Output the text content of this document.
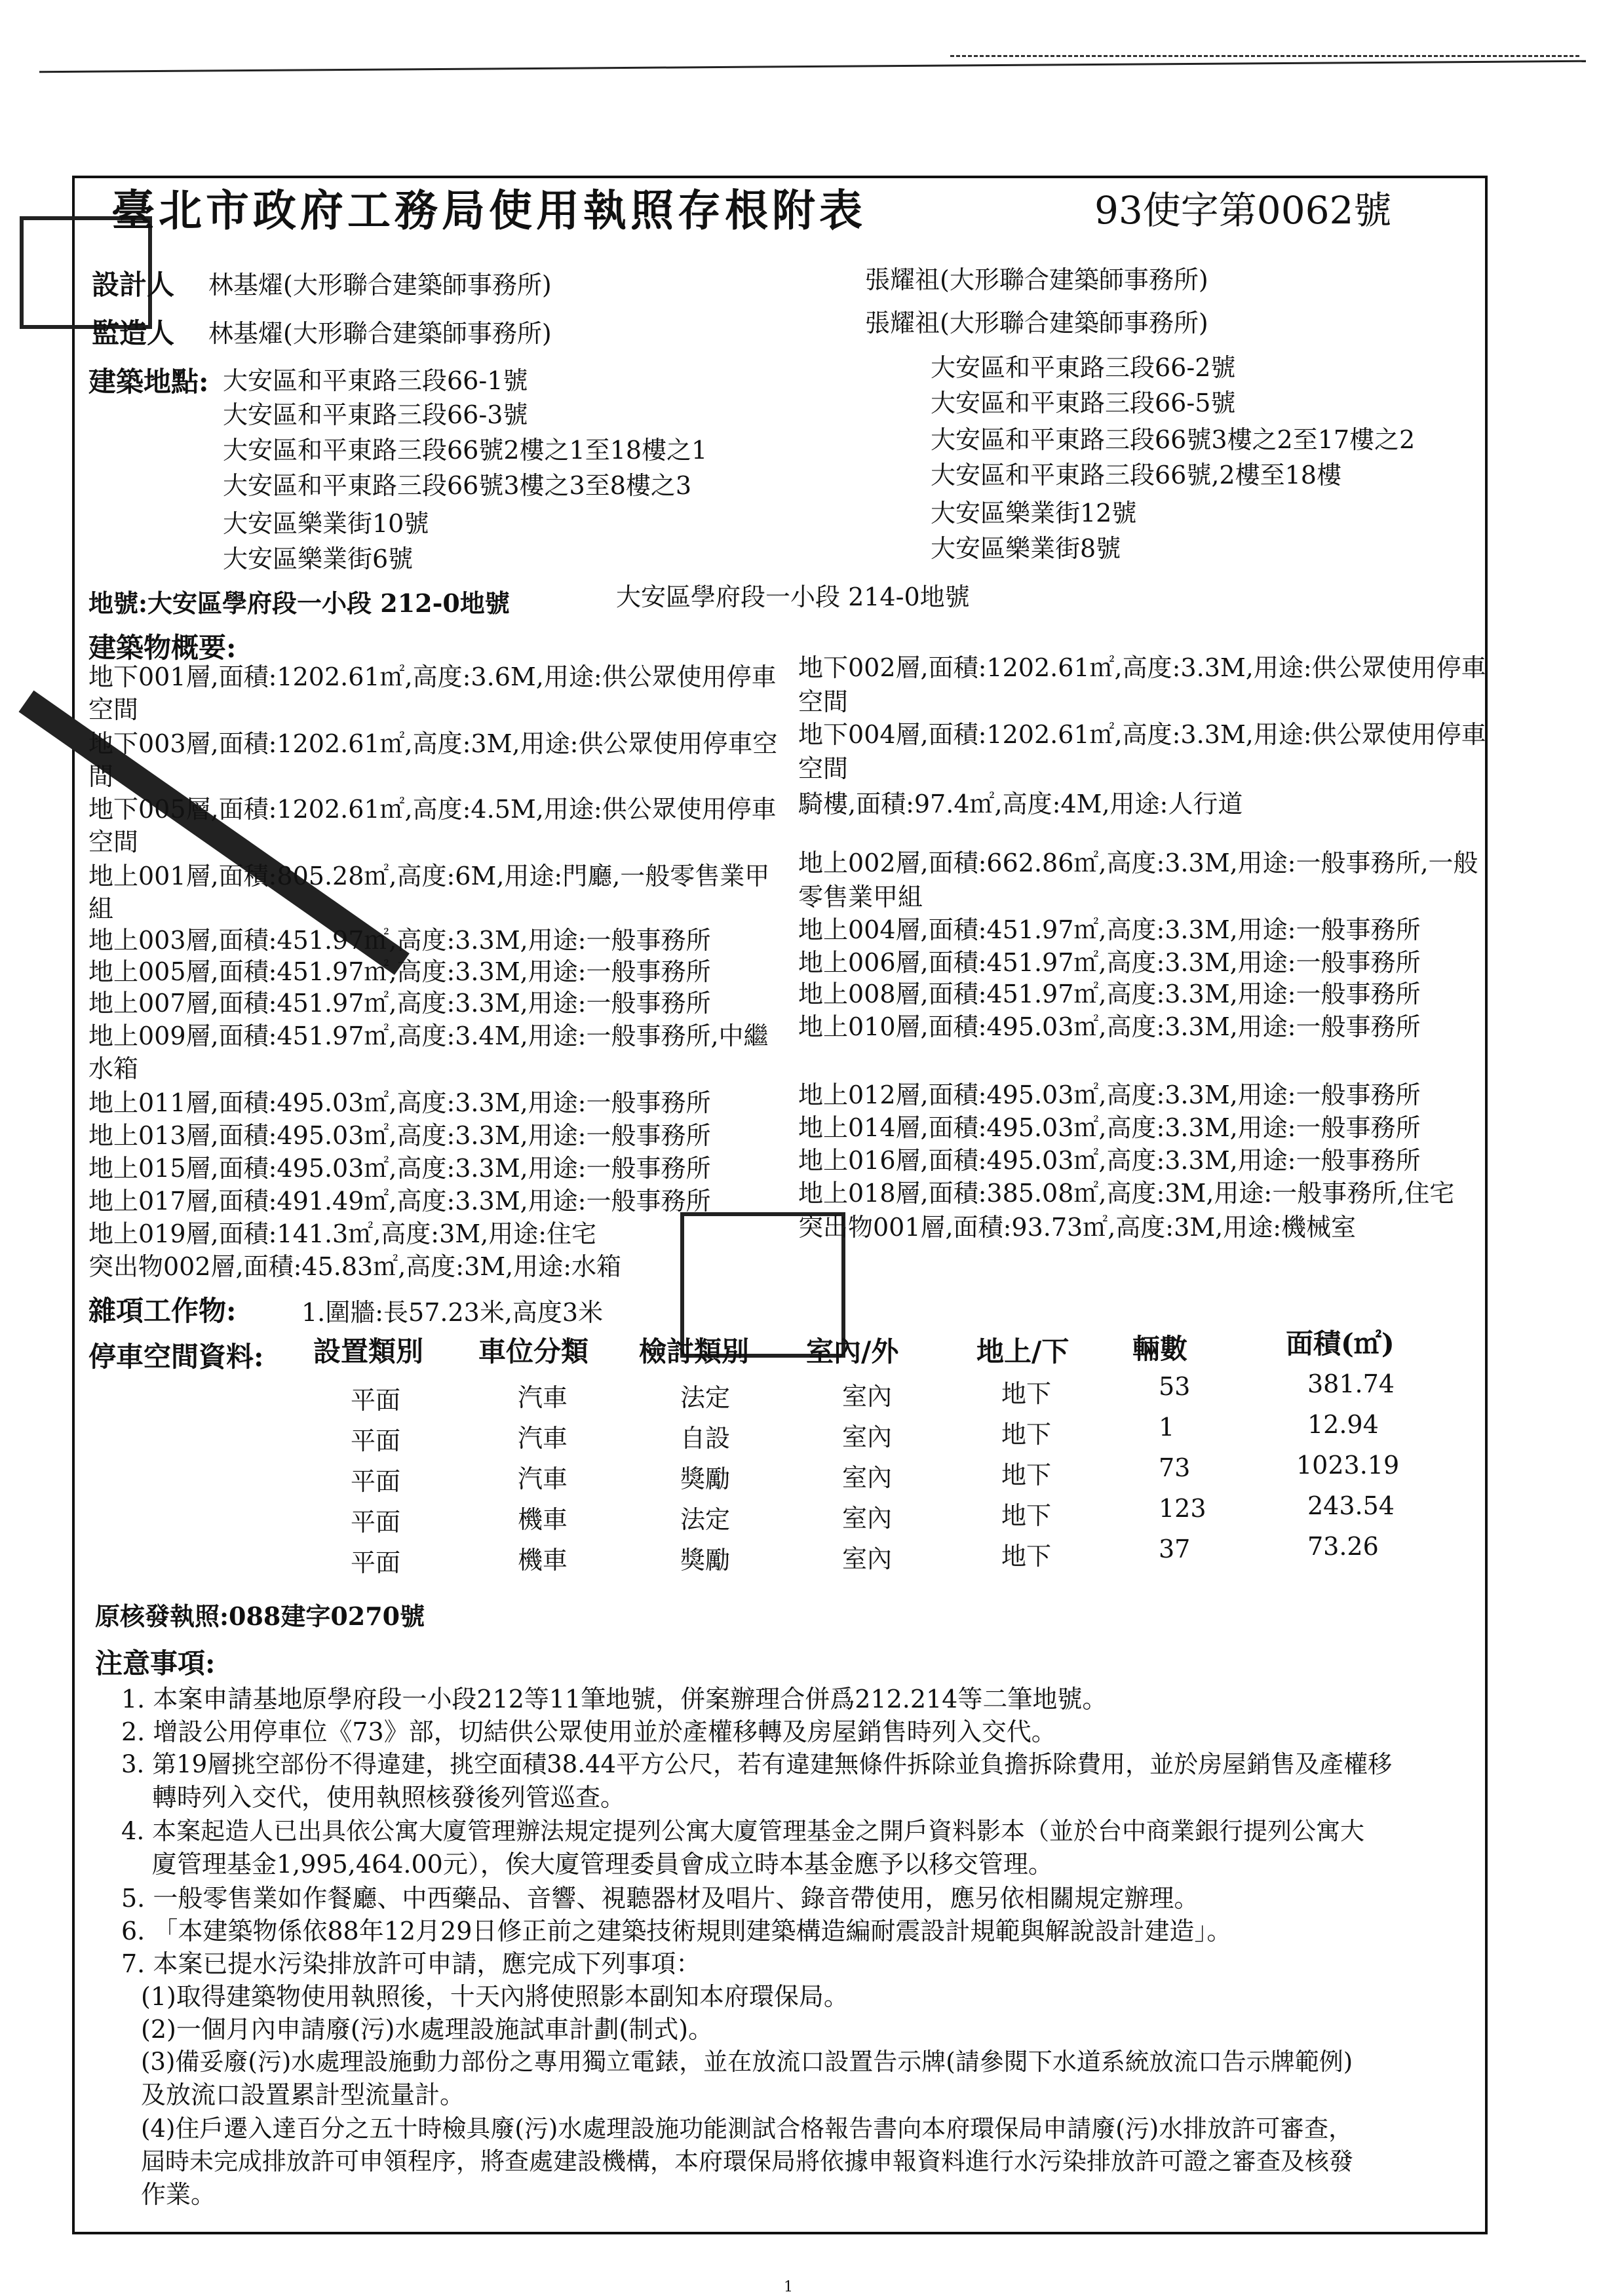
臺北市政府工務局使用執照存根附表	93使字第0062號
設計人 林基燿(大形聯合建築師事務所)	張耀祖(大形聯合建築師事務所)
監造人 林基燿(大形聯合建築師事務所)	張耀祖(大形聯合建築師事務所)
建築地點: 大安區和平東路三段66-1號
大安區和平東路三段66-3號
大安區和平東路三段66號2樓之1至18樓之1
大安區和平東路三段66號3樓之3至8樓之3
大安區樂業街10號
大安區樂業街6號
大安區和平東路三段66-2號
大安區和平東路三段66-5號
大安區和平東路三段66號3樓之2至17樓之2
大安區和平東路三段66號,2樓至18樓
大安區樂業街12號
大安區樂業街8號
地號:大安區學府段一小段 212-0地號	大安區學府段一小段 214-0地號
建築物概要:
地下001層,面積:1202.61㎡,高度:3.6M,用途:供公眾使用停車
空間
地下003層,面積:1202.61㎡,高度:3M,用途:供公眾使用停車空
間
地下005層,面積:1202.61㎡,高度:4.5M,用途:供公眾使用停車
空間
地上001層,面積:805.28㎡,高度:6M,用途:門廳,一般零售業甲
組
地上003層,面積:451.97㎡,高度:3.3M,用途:一般事務所
地上005層,面積:451.97㎡,高度:3.3M,用途:一般事務所
地上007層,面積:451.97㎡,高度:3.3M,用途:一般事務所
地上009層,面積:451.97㎡,高度:3.4M,用途:一般事務所,中繼
水箱
地上011層,面積:495.03㎡,高度:3.3M,用途:一般事務所
地上013層,面積:495.03㎡,高度:3.3M,用途:一般事務所
地上015層,面積:495.03㎡,高度:3.3M,用途:一般事務所
地上017層,面積:491.49㎡,高度:3.3M,用途:一般事務所
地上019層,面積:141.3㎡,高度:3M,用途:住宅
突出物002層,面積:45.83㎡,高度:3M,用途:水箱
地下002層,面積:1202.61㎡,高度:3.3M,用途:供公眾使用停車
空間
地下004層,面積:1202.61㎡,高度:3.3M,用途:供公眾使用停車
空間
騎樓,面積:97.4㎡,高度:4M,用途:人行道
地上002層,面積:662.86㎡,高度:3.3M,用途:一般事務所,一般
零售業甲組
地上004層,面積:451.97㎡,高度:3.3M,用途:一般事務所
地上006層,面積:451.97㎡,高度:3.3M,用途:一般事務所
地上008層,面積:451.97㎡,高度:3.3M,用途:一般事務所
地上010層,面積:495.03㎡,高度:3.3M,用途:一般事務所
地上012層,面積:495.03㎡,高度:3.3M,用途:一般事務所
地上014層,面積:495.03㎡,高度:3.3M,用途:一般事務所
地上016層,面積:495.03㎡,高度:3.3M,用途:一般事務所
地上018層,面積:385.08㎡,高度:3M,用途:一般事務所,住宅
突出物001層,面積:93.73㎡,高度:3M,用途:機械室
雜項工作物:	1.圍牆:長57.23米,高度3米
停車空間資料: 設置類別 車位分類 檢討類別 室內/外	地上/下 輛數	面積(㎡)
平面	汽車	法定	室內	地下	53	381.74
平面	汽車	自設	室內	地下	1	12.94
平面	汽車	獎勵	室內	地下	73	1023.19
平面	機車	法定	室內	地下	123	243.54
平面	機車	獎勵	室內	地下	37	73.26
原核發執照:088建字0270號
注意事項:
1. 本案申請基地原學府段一小段212等11筆地號，併案辦理合併爲212.214等二筆地號。
2. 增設公用停車位《73》部，切結供公眾使用並於產權移轉及房屋銷售時列入交代。
3. 第19層挑空部份不得違建，挑空面積38.44平方公尺，若有違建無條件拆除並負擔拆除費用，並於房屋銷售及產權移
轉時列入交代，使用執照核發後列管巡查。
4. 本案起造人已出具依公寓大廈管理辦法規定提列公寓大廈管理基金之開戶資料影本（並於台中商業銀行提列公寓大
廈管理基金1,995,464.00元），俟大廈管理委員會成立時本基金應予以移交管理。
5. 一般零售業如作餐廳、中西藥品、音響、視聽器材及唱片、錄音帶使用，應另依相關規定辦理。
6. 「本建築物係依88年12月29日修正前之建築技術規則建築構造編耐震設計規範與解說設計建造」。
7. 本案已提水污染排放許可申請，應完成下列事項：
(1)取得建築物使用執照後，十天內將使照影本副知本府環保局。
(2)一個月內申請廢(污)水處理設施試車計劃(制式)。
(3)備妥廢(污)水處理設施動力部份之專用獨立電錶，並在放流口設置告示牌(請參閱下水道系統放流口告示牌範例)
及放流口設置累計型流量計。
(4)住戶遷入達百分之五十時檢具廢(污)水處理設施功能測試合格報告書向本府環保局申請廢(污)水排放許可審查，
屆時未完成排放許可申領程序，將查處建設機構，本府環保局將依據申報資料進行水污染排放許可證之審查及核發
作業。
1
